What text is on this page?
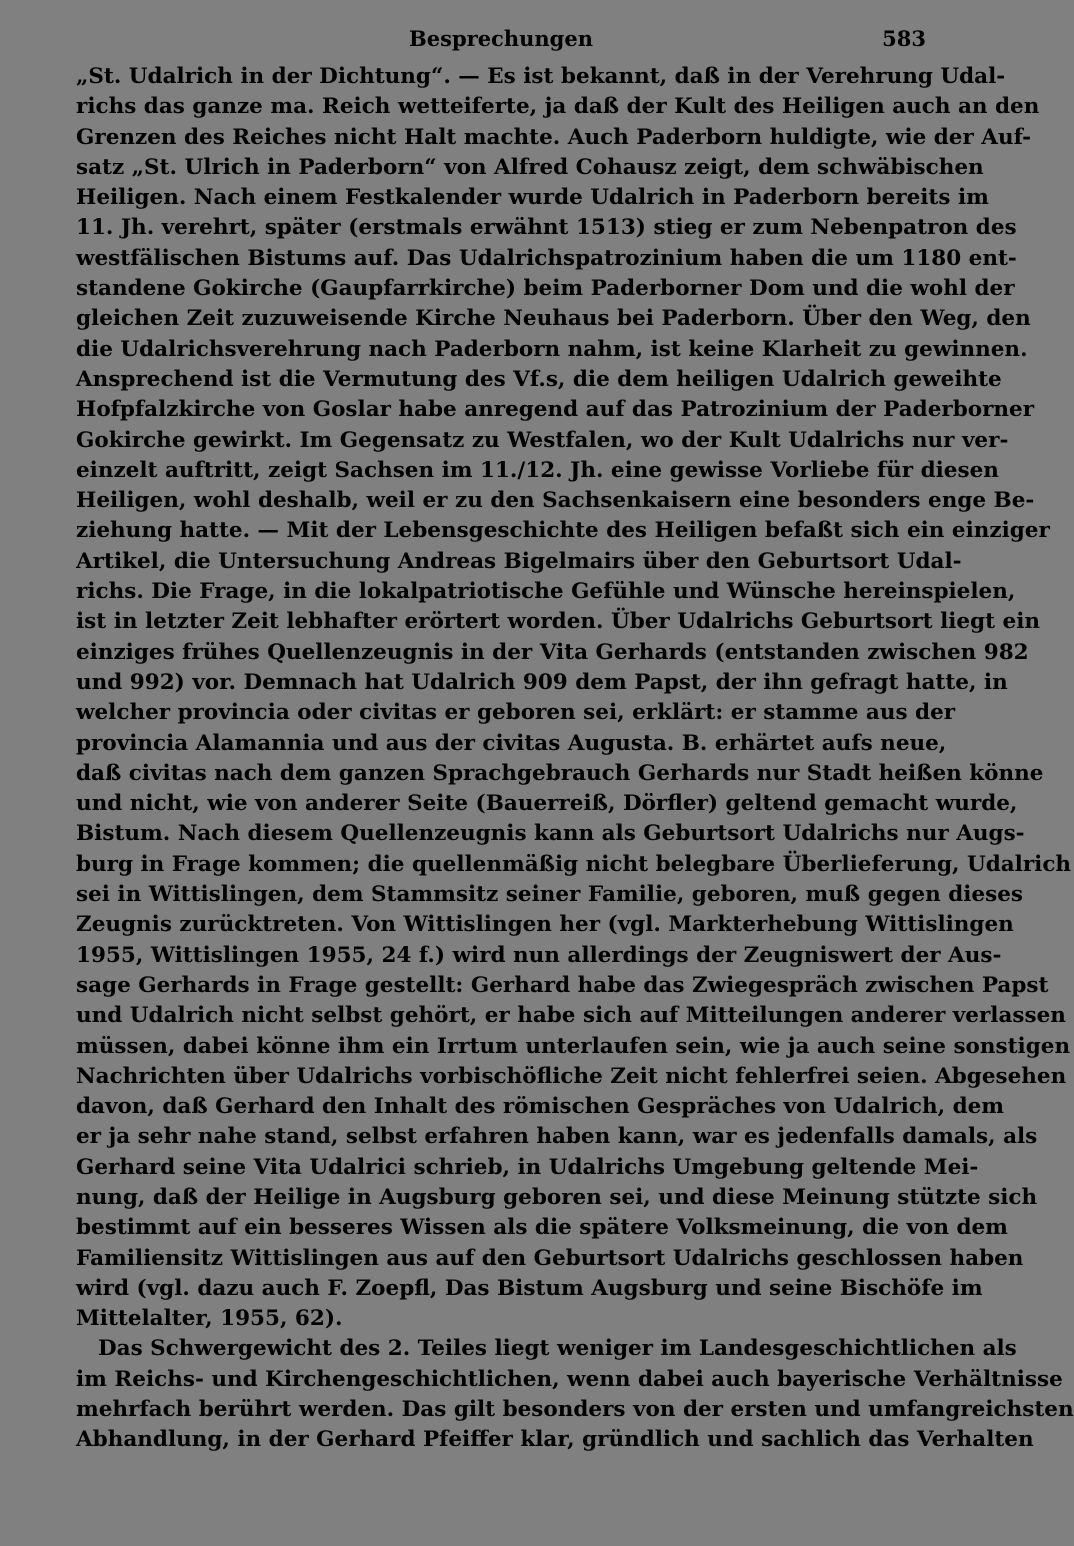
Besprechungen	583
„St. Udalrich in der Dichtung“. — Es ist bekannt, daß in der Verehrung Udal-
richs das ganze ma. Reich wetteiferte, ja daß der Kult des Heiligen auch an den
Grenzen des Reiches nicht Halt machte. Auch Paderborn huldigte, wie der Auf-
satz „St. Ulrich in Paderborn“ von Alfred Cohausz zeigt, dem schwäbischen
Heiligen. Nach einem Festkalender wurde Udalrich in Paderborn bereits im
11. Jh. verehrt, später (erstmals erwähnt 1513) stieg er zum Nebenpatron des
westfälischen Bistums auf. Das Udalrichspatrozinium haben die um 1180 ent-
standene Gokirche (Gaupfarrkirche) beim Paderborner Dom und die wohl der
gleichen Zeit zuzuweisende Kirche Neuhaus bei Paderborn. Über den Weg, den
die Udalrichsverehrung nach Paderborn nahm, ist keine Klarheit zu gewinnen.
Ansprechend ist die Vermutung des Vf.s, die dem heiligen Udalrich geweihte
Hofpfalzkirche von Goslar habe anregend auf das Patrozinium der Paderborner
Gokirche gewirkt. Im Gegensatz zu Westfalen, wo der Kult Udalrichs nur ver-
einzelt auftritt, zeigt Sachsen im 11./12. Jh. eine gewisse Vorliebe für diesen
Heiligen, wohl deshalb, weil er zu den Sachsenkaisern eine besonders enge Be-
ziehung hatte. — Mit der Lebensgeschichte des Heiligen befaßt sich ein einziger
Artikel, die Untersuchung Andreas Bigelmairs über den Geburtsort Udal-
richs. Die Frage, in die lokalpatriotische Gefühle und Wünsche hereinspielen,
ist in letzter Zeit lebhafter erörtert worden. Über Udalrichs Geburtsort liegt ein
einziges frühes Quellenzeugnis in der Vita Gerhards (entstanden zwischen 982
und 992) vor. Demnach hat Udalrich 909 dem Papst, der ihn gefragt hatte, in
welcher provincia oder civitas er geboren sei, erklärt: er stamme aus der
provincia Alamannia und aus der civitas Augusta. B. erhärtet aufs neue,
daß civitas nach dem ganzen Sprachgebrauch Gerhards nur Stadt heißen könne
und nicht, wie von anderer Seite (Bauerreiß, Dörfler) geltend gemacht wurde,
Bistum. Nach diesem Quellenzeugnis kann als Geburtsort Udalrichs nur Augs-
burg in Frage kommen; die quellenmäßig nicht belegbare Überlieferung, Udalrich
sei in Wittislingen, dem Stammsitz seiner Familie, geboren, muß gegen dieses
Zeugnis zurücktreten. Von Wittislingen her (vgl. Markterhebung Wittislingen
1955, Wittislingen 1955, 24 f.) wird nun allerdings der Zeugniswert der Aus-
sage Gerhards in Frage gestellt: Gerhard habe das Zwiegespräch zwischen Papst
und Udalrich nicht selbst gehört, er habe sich auf Mitteilungen anderer verlassen
müssen, dabei könne ihm ein Irrtum unterlaufen sein, wie ja auch seine sonstigen
Nachrichten über Udalrichs vorbischöfliche Zeit nicht fehlerfrei seien. Abgesehen
davon, daß Gerhard den Inhalt des römischen Gespräches von Udalrich, dem
er ja sehr nahe stand, selbst erfahren haben kann, war es jedenfalls damals, als
Gerhard seine Vita Udalrici schrieb, in Udalrichs Umgebung geltende Mei-
nung, daß der Heilige in Augsburg geboren sei, und diese Meinung stützte sich
bestimmt auf ein besseres Wissen als die spätere Volksmeinung, die von dem
Familiensitz Wittislingen aus auf den Geburtsort Udalrichs geschlossen haben
wird (vgl. dazu auch F. Zoepfl, Das Bistum Augsburg und seine Bischöfe im
Mittelalter, 1955, 62).
Das Schwergewicht des 2. Teiles liegt weniger im Landesgeschichtlichen als
im Reichs- und Kirchengeschichtlichen, wenn dabei auch bayerische Verhältnisse
mehrfach berührt werden. Das gilt besonders von der ersten und umfangreichsten
Abhandlung, in der Gerhard Pfeiffer klar, gründlich und sachlich das Verhalten
